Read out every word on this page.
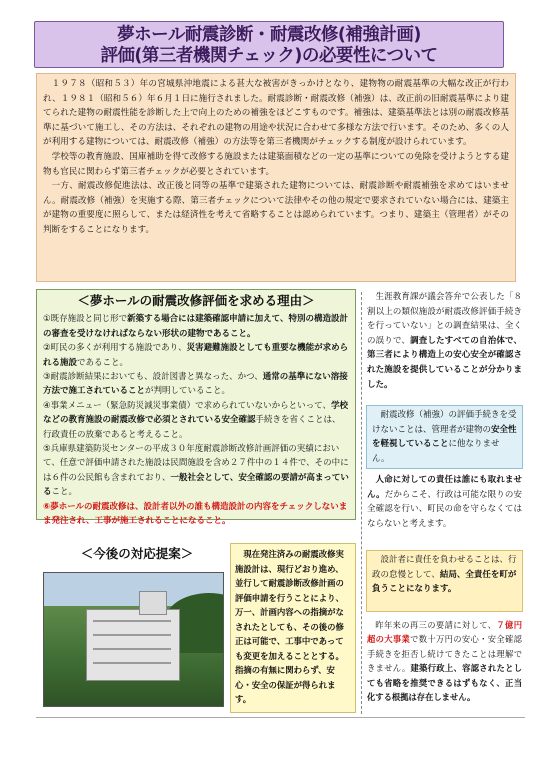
夢ホール耐震診断・耐震改修(補強計画)
評価(第三者機関チェック)の必要性について

１９７８（昭和５３）年の宮城県沖地震による甚大な被害がきっかけとなり、建物物の耐震基準の大幅な改正が行われ、１９８１（昭和５６）年６月１日に施行されました。耐震診断・耐震改修（補強）は、改正前の旧耐震基準により建てられた建物の耐震性能を診断した上で向上のための補強をほどこすものです。補強は、建築基準法とは別の耐震改修基準に基づいて施工し、その方法は、それぞれの建物の用途や状況に合わせて多様な方法で行います。そのため、多くの人が利用する建物については、耐震改修（補強）の方法等を第三者機関がチェックする制度が設けられています。

学校等の教育施設、国庫補助を得て改修する施設または建築面積などの一定の基準についての免除を受けようとする建物も官民に関わらず第三者チェックが必要とされています。

一方、耐震改修促進法は、改正後と同等の基準で建築された建物については、耐震診断や耐震補強を求めてはいません。耐震改修（補強）を実施する際、第三者チェックについて法律やその他の規定で要求されていない場合には、建築主が建物の重要度に照らして、または経済性を考えて省略することは認められています。つまり、建築主（管理者）がその判断をすることになります。

＜夢ホールの耐震改修評価を求める理由＞
①既存施設と同じ形で新築する場合には建築確認申請に加えて、特別の構造設計の審査を受けなければならない形状の建物であること。
②町民の多くが利用する施設であり、災害避難施設としても重要な機能が求められる施設であること。
③耐震診断結果においても、設計図書と異なった、かつ、通常の基準にない溶接方法で施工されていることが判明していること。
④事業メニュー（緊急防災減災事業債）で求められていないからといって、学校などの教育施設の耐震改修で必須とされている安全確認手続きを省くことは、行政責任の放棄であると考えること。
⑤兵庫県建築防災センターの平成３０年度耐震診断改修計画評価の実績において、任意で評価申請された施設は民間施設を含め２７件中の１４件で、その中には６件の公民館も含まれており、一般社会として、安全確認の要請が高まっていること。
⑥夢ホールの耐震改修は、設計者以外の誰も構造設計の内容をチェックしないまま発注され、工事が施工されることになること。
＜今後の対応提案＞	現在発注済みの耐震改修実施設計は、現行どおり進め、並行して耐震診断改修計画の評価申請を行うことにより、万一、計画内容への指摘がなされたとしても、その後の修正は可能で、工事中であっても変更を加えることとする。指摘の有無に関わらず、安心・安全の保証が得られます。
生涯教育課が議会答弁で公表した「８割以上の類似施設が耐震改修評価手続きを行っていない」との調査結果は、全くの誤りで、調査したすべての自治体で、第三者により構造上の安心安全が確認された施設を提供していることが分かりました。
耐震改修（補強）の評価手続きを受けないことは、管理者が建物の安全性を軽視していることに他なりません。
人命に対しての責任は誰にも取れません。だからこそ、行政は可能な限りの安全確認を行い、町民の命を守らなくてはならないと考えます。
設計者に責任を負わせることは、行政の怠慢として、結局、全責任を町が負うことになります。
昨年来の再三の要請に対して、７億円超の大事業で数十万円の安心・安全確認手続きを拒否し続けてきたことは理解できません。建築行政上、容認されたとしても省略を推奨できるはずもなく、正当化する根拠は存在しません。
